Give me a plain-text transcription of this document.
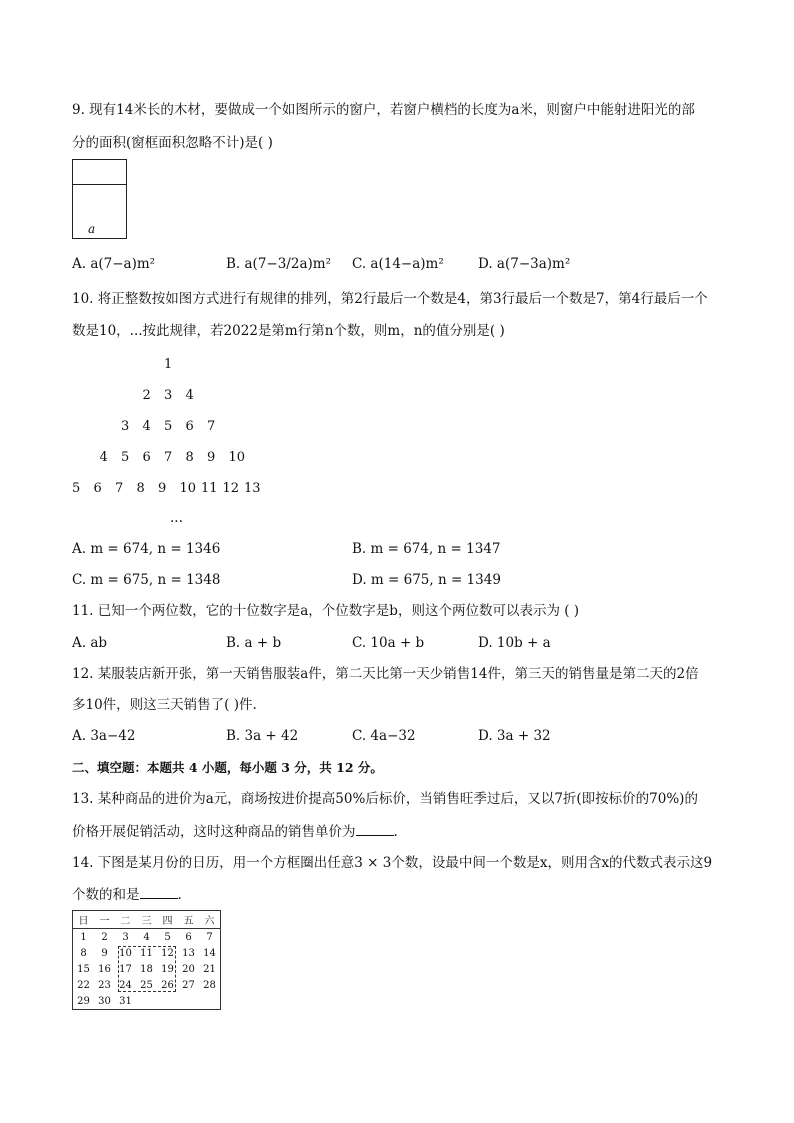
9. 现有14米长的木材，要做成一个如图所示的窗户，若窗户横档的长度为a米，则窗户中能射进阳光的部
分的面积(窗框面积忽略不计)是( )
a
A. a(7−a)m²	B. a(7−3/2a)m² C. a(14−a)m²	D. a(7−3a)m²
10. 将正整数按如图方式进行有规律的排列，第2行最后一个数是4，第3行最后一个数是7，第4行最后一个
数是10，...按此规律，若2022是第m行第n个数，则m，n的值分别是( )
1
2 3 4
3 4 5 6 7
4 5 6 7 8 9 10
5 6 7 8 9 10 11 12 13
...
A. m = 674, n = 1346	B. m = 674, n = 1347
C. m = 675, n = 1348	D. m = 675, n = 1349
11. 已知一个两位数，它的十位数字是a，个位数字是b，则这个两位数可以表示为 ( )
A. ab	B. a + b	C. 10a + b	D. 10b + a
12. 某服装店新开张，第一天销售服装a件，第二天比第一天少销售14件，第三天的销售量是第二天的2倍
多10件，则这三天销售了( )件.
A. 3a−42	B. 3a + 42	C. 4a−32	D. 3a + 32
二、填空题：本题共 4 小题，每小题 3 分，共 12 分。
13. 某种商品的进价为a元，商场按进价提高50%后标价，当销售旺季过后，又以7折(即按标价的70%)的
价格开展促销活动，这时这种商品的销售单价为	.
14. 下图是某月份的日历，用一个方框圈出任意3 × 3个数，设最中间一个数是x，则用含x的代数式表示这9
个数的和是	.
日	一	二	三	四	五	六
1	2	3	4	5	6	7
8	9	10	11	12	13	14
15	16	17	18	19	20	21
22	23	24	25	26	27	28
29	30	31				
